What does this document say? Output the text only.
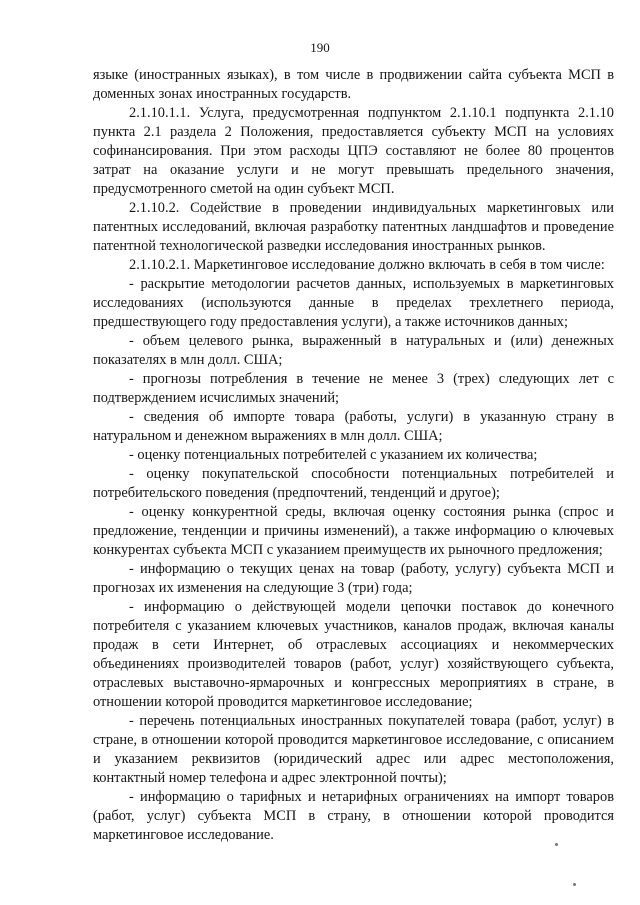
190

языке (иностранных языках), в том числе в продвижении сайта субъекта МСП в доменных зонах иностранных государств.

2.1.10.1.1. Услуга, предусмотренная подпунктом 2.1.10.1 подпункта 2.1.10 пункта 2.1 раздела 2 Положения, предоставляется субъекту МСП на условиях софинансирования. При этом расходы ЦПЭ составляют не более 80 процентов затрат на оказание услуги и не могут превышать предельного значения, предусмотренного сметой на один субъект МСП.

2.1.10.2. Содействие в проведении индивидуальных маркетинговых или патентных исследований, включая разработку патентных ландшафтов и проведение патентной технологической разведки исследования иностранных рынков.

2.1.10.2.1. Маркетинговое исследование должно включать в себя в том числе:

- раскрытие методологии расчетов данных, используемых в маркетинговых исследованиях (используются данные в пределах трехлетнего периода, предшествующего году предоставления услуги), а также источников данных;

- объем целевого рынка, выраженный в натуральных и (или) денежных показателях в млн долл. США;

- прогнозы потребления в течение не менее 3 (трех) следующих лет с подтверждением исчислимых значений;

- сведения об импорте товара (работы, услуги) в указанную страну в натуральном и денежном выражениях в млн долл. США;

- оценку потенциальных потребителей с указанием их количества;

- оценку покупательской способности потенциальных потребителей и потребительского поведения (предпочтений, тенденций и другое);

- оценку конкурентной среды, включая оценку состояния рынка (спрос и предложение, тенденции и причины изменений), а также информацию о ключевых конкурентах субъекта МСП с указанием преимуществ их рыночного предложения;

- информацию о текущих ценах на товар (работу, услугу) субъекта МСП и прогнозах их изменения на следующие 3 (три) года;

- информацию о действующей модели цепочки поставок до конечного потребителя с указанием ключевых участников, каналов продаж, включая каналы продаж в сети Интернет, об отраслевых ассоциациях и некоммерческих объединениях производителей товаров (работ, услуг) хозяйствующего субъекта, отраслевых выставочно-ярмарочных и конгрессных мероприятиях в стране, в отношении которой проводится маркетинговое исследование;

- перечень потенциальных иностранных покупателей товара (работ, услуг) в стране, в отношении которой проводится маркетинговое исследование, с описанием и указанием реквизитов (юридический адрес или адрес местоположения, контактный номер телефона и адрес электронной почты);

- информацию о тарифных и нетарифных ограничениях на импорт товаров (работ, услуг) субъекта МСП в страну, в отношении которой проводится маркетинговое исследование.
